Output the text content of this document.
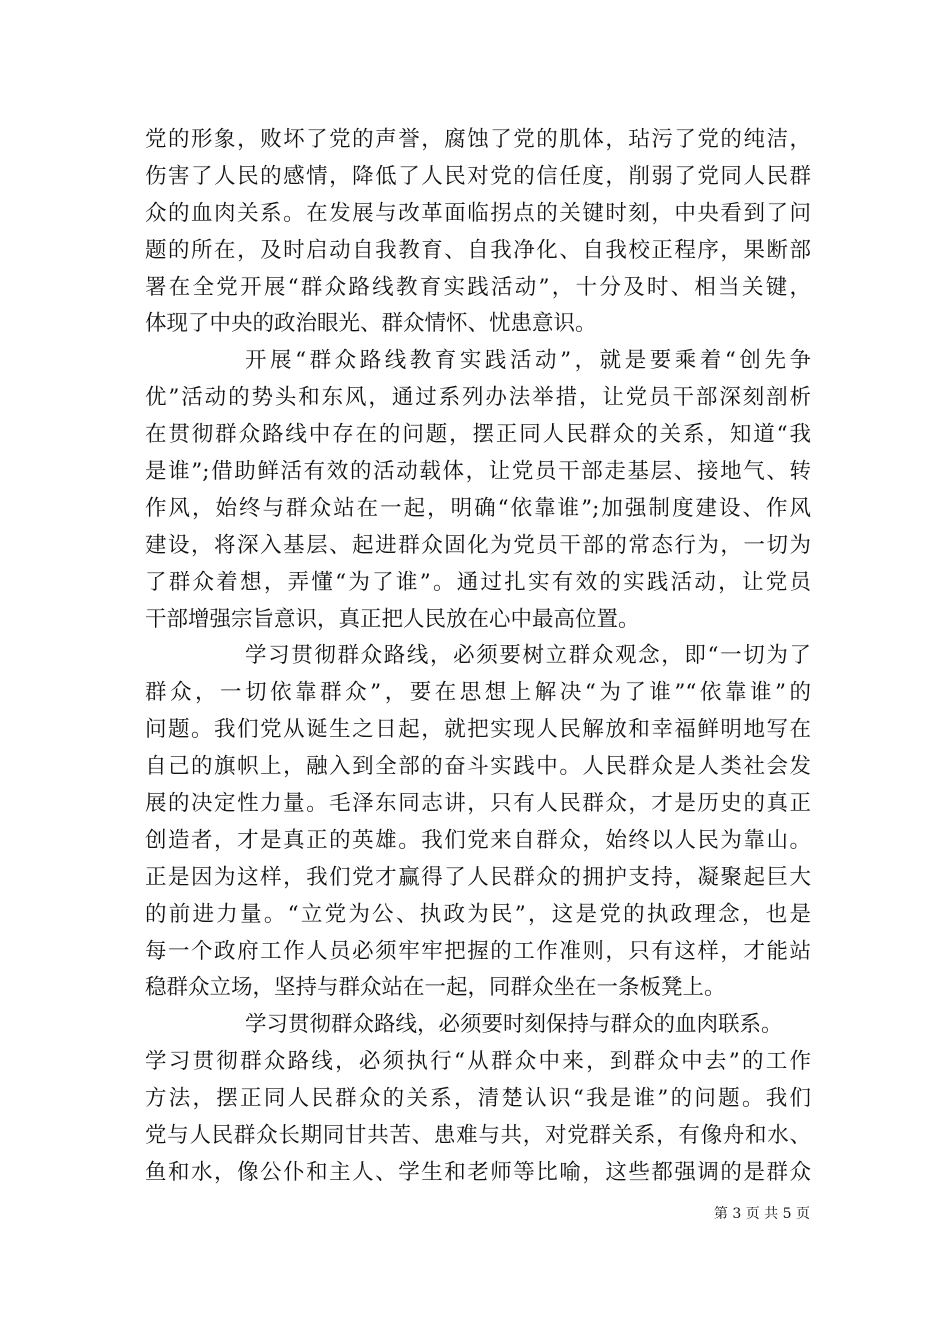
党的形象，败坏了党的声誉，腐蚀了党的肌体，玷污了党的纯洁，
伤害了人民的感情，降低了人民对党的信任度，削弱了党同人民群
众的血肉关系。在发展与改革面临拐点的关键时刻，中央看到了问
题的所在，及时启动自我教育、自我净化、自我校正程序，果断部
署在全党开展“群众路线教育实践活动”，十分及时、相当关键，
体现了中央的政治眼光、群众情怀、忧患意识。
开展“群众路线教育实践活动”，就是要乘着“创先争
优”活动的势头和东风，通过系列办法举措，让党员干部深刻剖析
在贯彻群众路线中存在的问题，摆正同人民群众的关系，知道“我
是谁”;借助鲜活有效的活动载体，让党员干部走基层、接地气、转
作风，始终与群众站在一起，明确“依靠谁”;加强制度建设、作风
建设，将深入基层、起进群众固化为党员干部的常态行为，一切为
了群众着想，弄懂“为了谁”。通过扎实有效的实践活动，让党员
干部增强宗旨意识，真正把人民放在心中最高位置。
学习贯彻群众路线，必须要树立群众观念，即“一切为了
群众，一切依靠群众”，要在思想上解决“为了谁”“依靠谁”的
问题。我们党从诞生之日起，就把实现人民解放和幸福鲜明地写在
自己的旗帜上，融入到全部的奋斗实践中。人民群众是人类社会发
展的决定性力量。毛泽东同志讲，只有人民群众，才是历史的真正
创造者，才是真正的英雄。我们党来自群众，始终以人民为靠山。
正是因为这样，我们党才赢得了人民群众的拥护支持，凝聚起巨大
的前进力量。“立党为公、执政为民”，这是党的执政理念，也是
每一个政府工作人员必须牢牢把握的工作准则，只有这样，才能站
稳群众立场，坚持与群众站在一起，同群众坐在一条板凳上。
学习贯彻群众路线，必须要时刻保持与群众的血肉联系。
学习贯彻群众路线，必须执行“从群众中来，到群众中去”的工作
方法，摆正同人民群众的关系，清楚认识“我是谁”的问题。我们
党与人民群众长期同甘共苦、患难与共，对党群关系，有像舟和水、
鱼和水，像公仆和主人、学生和老师等比喻，这些都强调的是群众
第 3 页 共 5 页
